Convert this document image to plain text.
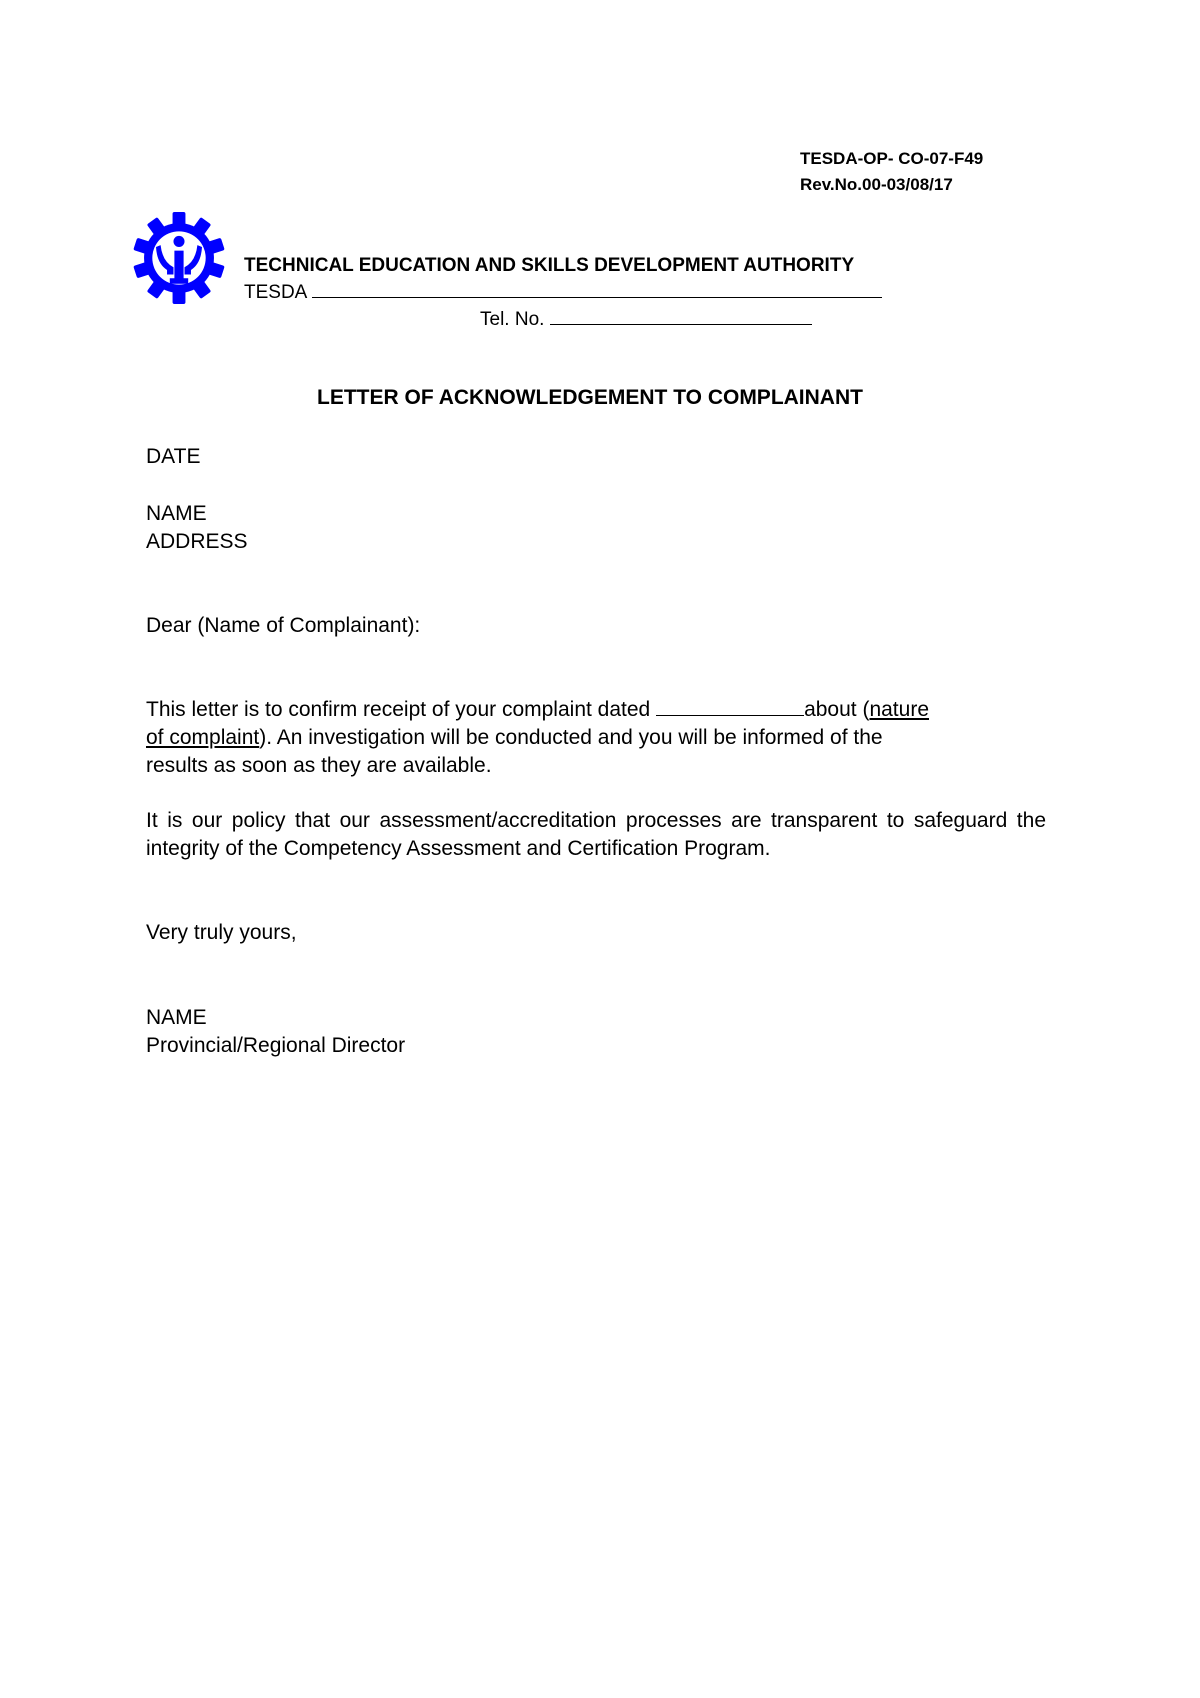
TESDA-OP- CO-07-F49
Rev.No.00-03/08/17
TECHNICAL EDUCATION AND SKILLS DEVELOPMENT AUTHORITY
TESDA
Tel. No.
LETTER OF ACKNOWLEDGEMENT TO COMPLAINANT
DATE
NAME
ADDRESS
Dear (Name of Complainant):
This letter is to confirm receipt of your complaint dated	about (nature
of complaint). An investigation will be conducted and you will be informed of the
results as soon as they are available.
It is our policy that our assessment/accreditation processes are transparent to safeguard the integrity of the Competency Assessment and Certification Program.
Very truly yours,
NAME
Provincial/Regional Director
